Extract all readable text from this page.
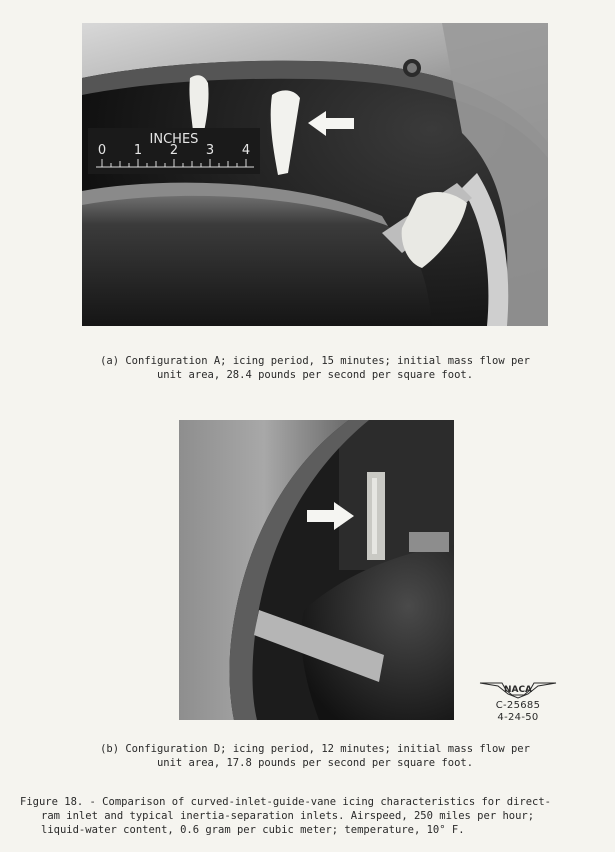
INCHES
0 1 2 3 4

(a) Configuration A; icing period, 15 minutes; initial mass flow per
unit area, 28.4 pounds per second per square foot.

(b) Configuration D; icing period, 12 minutes; initial mass flow per
unit area, 17.8 pounds per second per square foot.

NACA
C-25685
4-24-50

Figure 18. - Comparison of curved-inlet-guide-vane icing characteristics for direct-
ram inlet and typical inertia-separation inlets. Airspeed, 250 miles per hour;
liquid-water content, 0.6 gram per cubic meter; temperature, 10° F.
